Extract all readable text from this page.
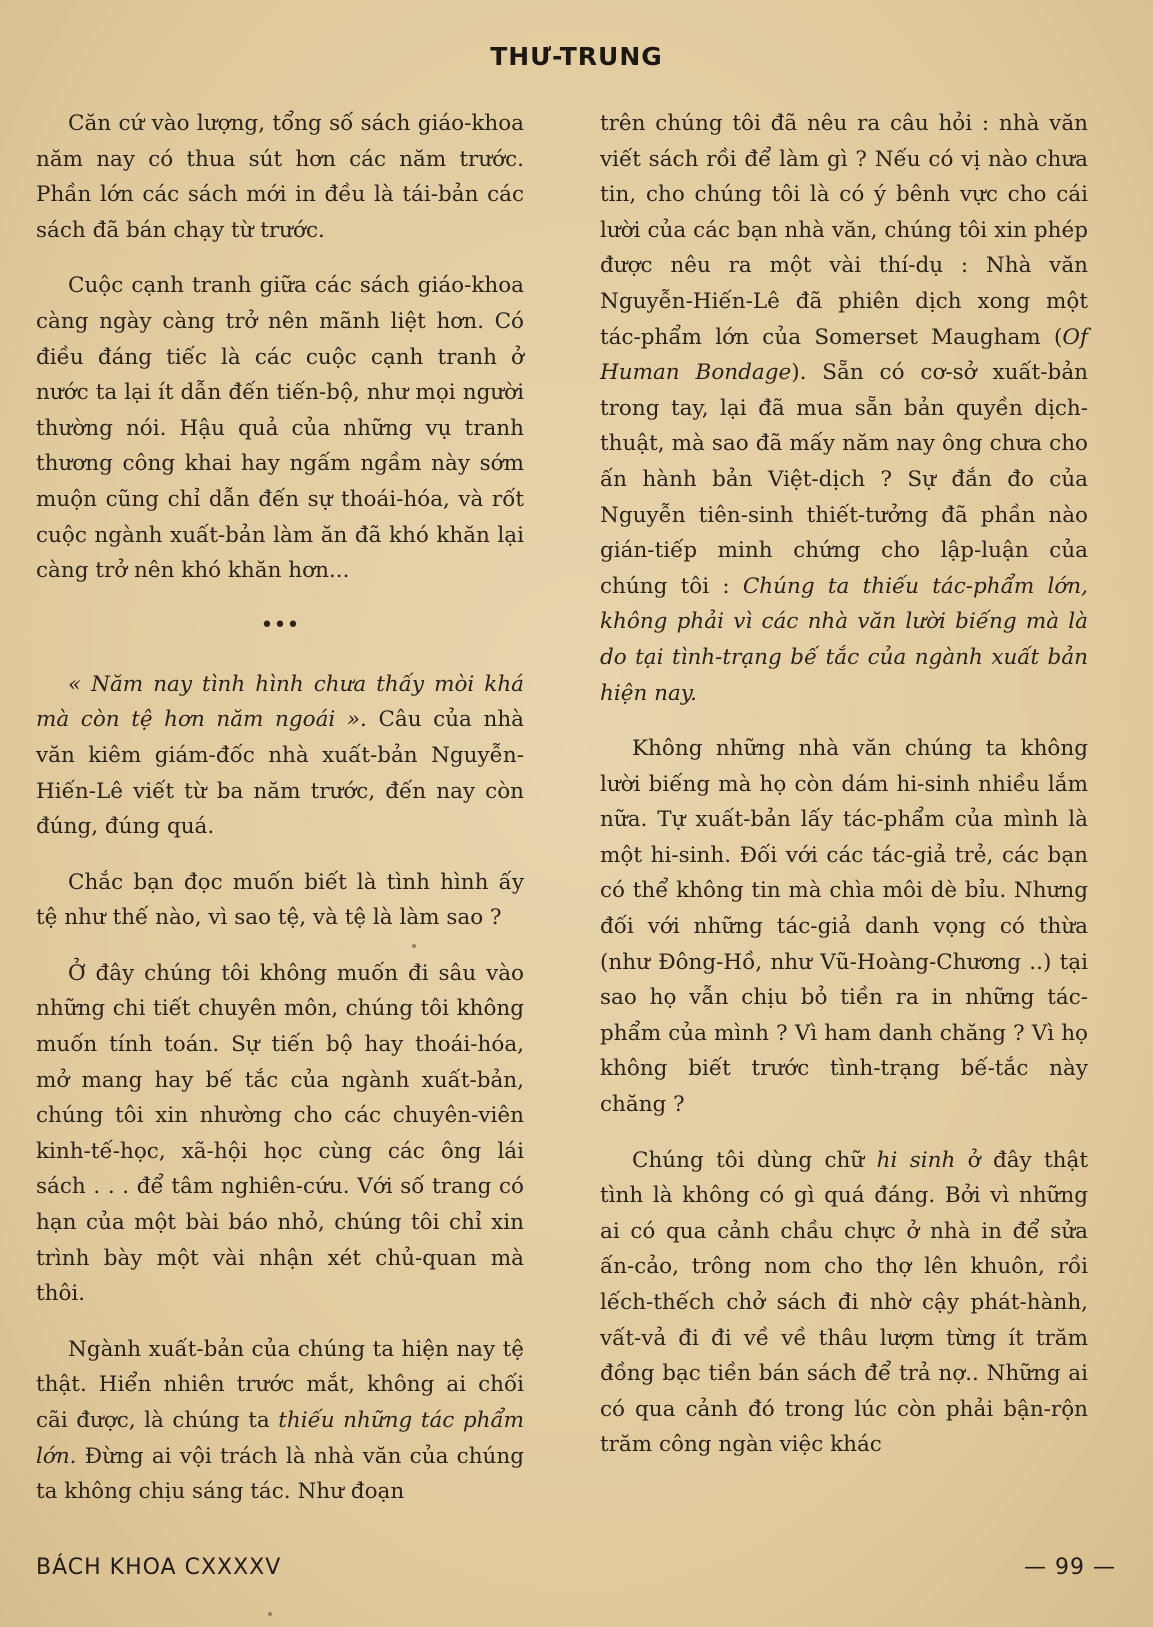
THƯ-TRUNG

Căn cứ vào lượng, tổng số sách giáo-khoa năm nay có thua sút hơn các năm trước. Phần lớn các sách mới in đều là tái-bản các sách đã bán chạy từ trước.

Cuộc cạnh tranh giữa các sách giáo-khoa càng ngày càng trở nên mãnh liệt hơn. Có điều đáng tiếc là các cuộc cạnh tranh ở nước ta lại ít dẫn đến tiến-bộ, như mọi người thường nói. Hậu quả của những vụ tranh thương công khai hay ngấm ngầm này sớm muộn cũng chỉ dẫn đến sự thoái-hóa, và rốt cuộc ngành xuất-bản làm ăn đã khó khăn lại càng trở nên khó khăn hơn...

•••

« Năm nay tình hình chưa thấy mòi khá mà còn tệ hơn năm ngoái ». Câu của nhà văn kiêm giám-đốc nhà xuất-bản Nguyễn-Hiến-Lê viết từ ba năm trước, đến nay còn đúng, đúng quá.

Chắc bạn đọc muốn biết là tình hình ấy tệ như thế nào, vì sao tệ, và tệ là làm sao ?

Ở đây chúng tôi không muốn đi sâu vào những chi tiết chuyên môn, chúng tôi không muốn tính toán. Sự tiến bộ hay thoái-hóa, mở mang hay bế tắc của ngành xuất-bản, chúng tôi xin nhường cho các chuyên-viên kinh-tế-học, xã-hội học cùng các ông lái sách . . . để tâm nghiên-cứu. Với số trang có hạn của một bài báo nhỏ, chúng tôi chỉ xin trình bày một vài nhận xét chủ-quan mà thôi.

Ngành xuất-bản của chúng ta hiện nay tệ thật. Hiển nhiên trước mắt, không ai chối cãi được, là chúng ta thiếu những tác phẩm lớn. Đừng ai vội trách là nhà văn của chúng ta không chịu sáng tác. Như đoạn

trên chúng tôi đã nêu ra câu hỏi : nhà văn viết sách rồi để làm gì ? Nếu có vị nào chưa tin, cho chúng tôi là có ý bênh vực cho cái lười của các bạn nhà văn, chúng tôi xin phép được nêu ra một vài thí-dụ : Nhà văn Nguyễn-Hiến-Lê đã phiên dịch xong một tác-phẩm lớn của Somerset Maugham (Of Human Bondage). Sẵn có cơ-sở xuất-bản trong tay, lại đã mua sẵn bản quyền dịch-thuật, mà sao đã mấy năm nay ông chưa cho ấn hành bản Việt-dịch ? Sự đắn đo của Nguyễn tiên-sinh thiết-tưởng đã phần nào gián-tiếp minh chứng cho lập-luận của chúng tôi : Chúng ta thiếu tác-phẩm lớn, không phải vì các nhà văn lười biếng mà là do tại tình-trạng bế tắc của ngành xuất bản hiện nay.

Không những nhà văn chúng ta không lười biếng mà họ còn dám hi-sinh nhiều lắm nữa. Tự xuất-bản lấy tác-phẩm của mình là một hi-sinh. Đối với các tác-giả trẻ, các bạn có thể không tin mà chìa môi dè bỉu. Nhưng đối với những tác-giả danh vọng có thừa (như Đông-Hồ, như Vũ-Hoàng-Chương ..) tại sao họ vẫn chịu bỏ tiền ra in những tác-phẩm của mình ? Vì ham danh chăng ? Vì họ không biết trước tình-trạng bế-tắc này chăng ?

Chúng tôi dùng chữ hi sinh ở đây thật tình là không có gì quá đáng. Bởi vì những ai có qua cảnh chầu chực ở nhà in để sửa ấn-cảo, trông nom cho thợ lên khuôn, rồi lếch-thếch chở sách đi nhờ cậy phát-hành, vất-vả đi đi về về thâu lượm từng ít trăm đồng bạc tiền bán sách để trả nợ.. Những ai có qua cảnh đó trong lúc còn phải bận-rộn trăm công ngàn việc khác

BÁCH KHOA CXXXXV	— 99 —
